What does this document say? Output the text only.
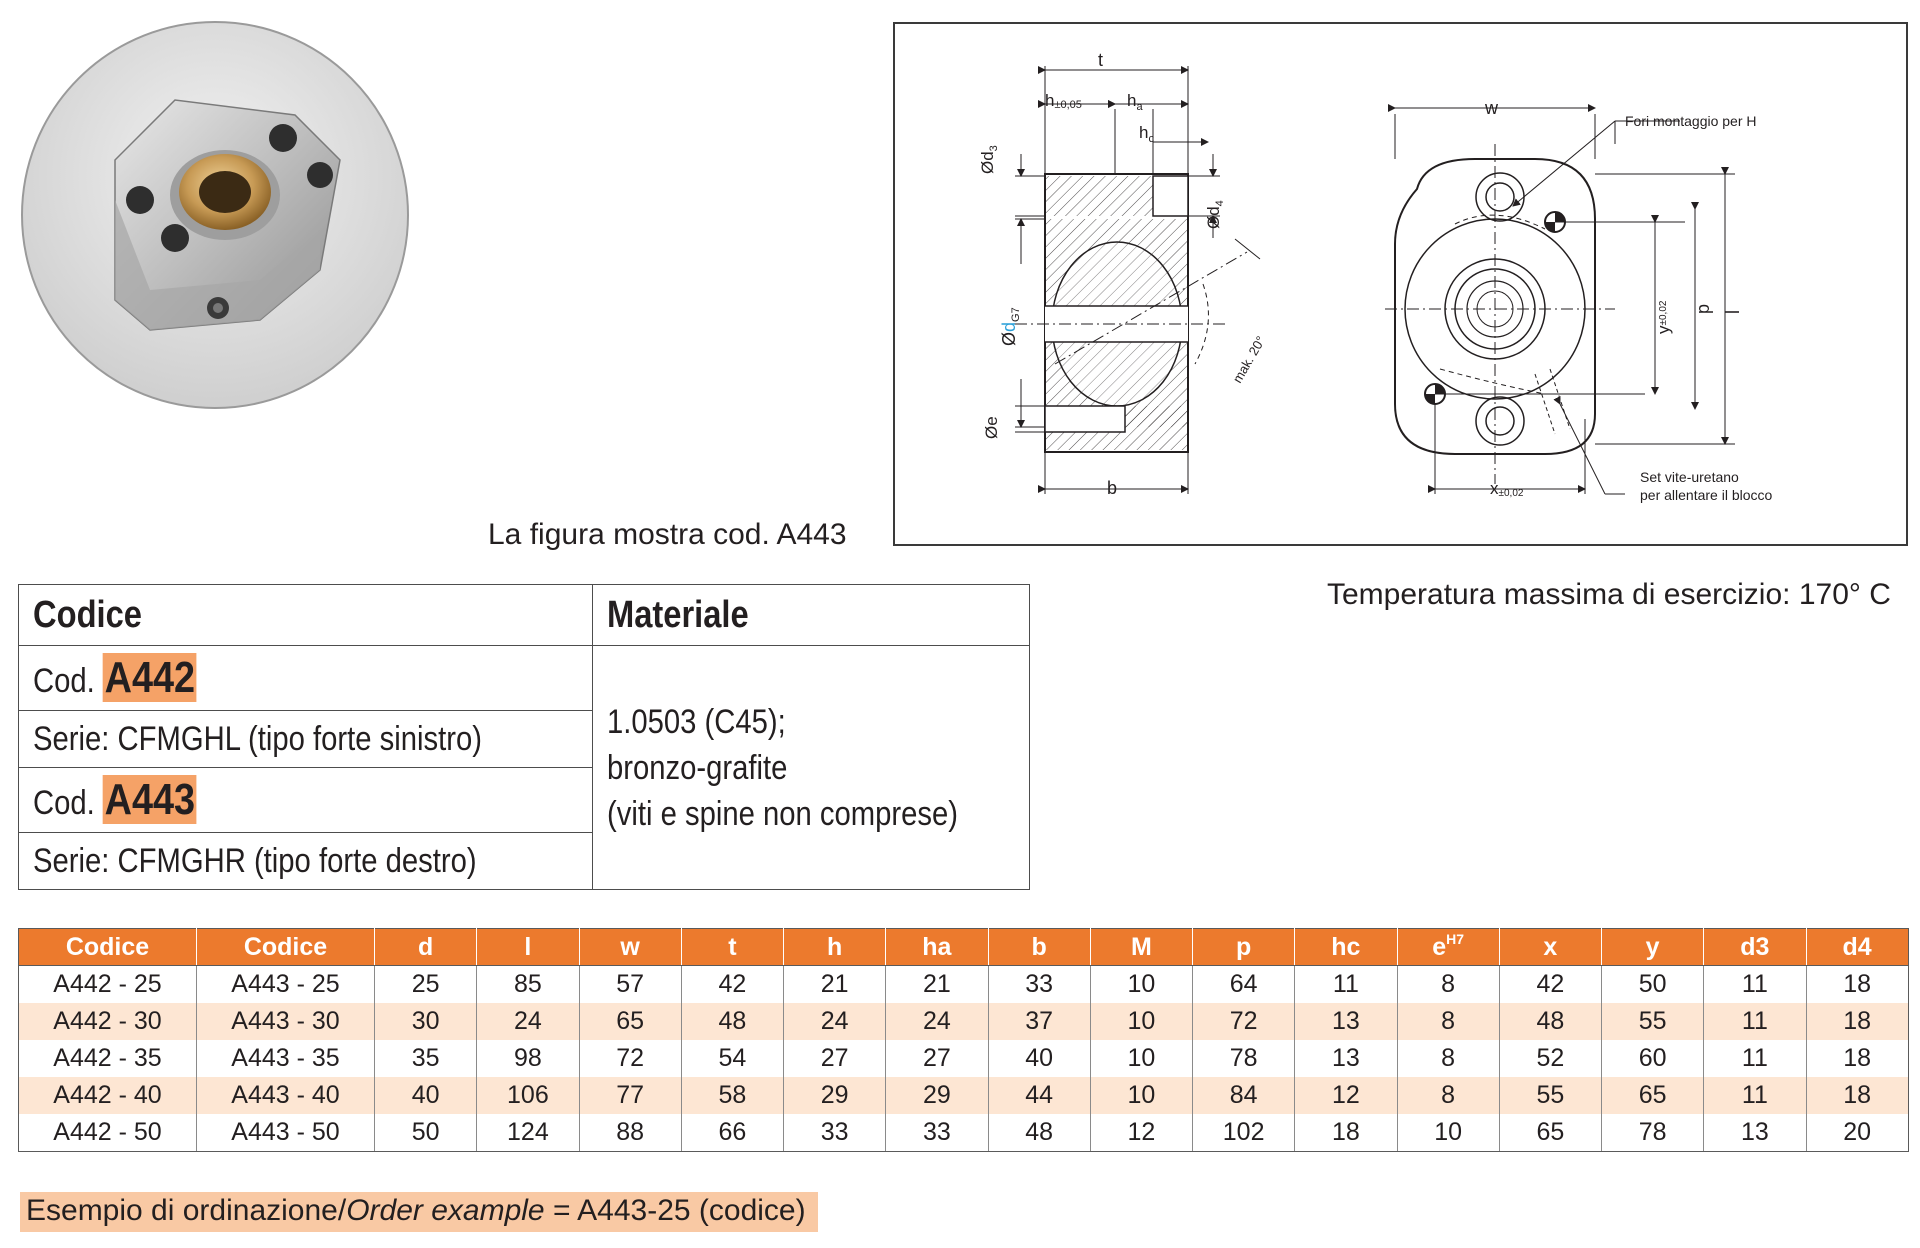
La figura mostra cod. A443
t
h±0,05	$h_a$
$h_c$
$Ød_3$
$Ød_4$
$Ød_{G7}$
Øe
b
mak. 20°
w
Fori montaggio per H
y±0,02 p l
x±0,02
Set vite-uretano
per allentare il blocco
Temperatura massima di esercizio: 170° C
Codice	Materiale
Cod. A442	1.0503 (C45);
bronzo-grafite
(viti e spine non comprese)

Serie: CFMGHL (tipo forte sinistro)	
Cod. A443	
Serie: CFMGHR (tipo forte destro)	
Codice	Codice	d	l	w	t	h	ha	b	M	p	hc	$e^{H7}$	x	y	d3	d4
A442 - 25	A443 - 25	25	85	57	42	21	21	33	10	64	11	8	42	50	11	18
A442 - 30	A443 - 30	30	24	65	48	24	24	37	10	72	13	8	48	55	11	18
A442 - 35	A443 - 35	35	98	72	54	27	27	40	10	78	13	8	52	60	11	18
A442 - 40	A443 - 40	40	106	77	58	29	29	44	10	84	12	8	55	65	11	18
A442 - 50	A443 - 50	50	124	88	66	33	33	48	12	102	18	10	65	78	13	20
Esempio di ordinazione/Order example = A443-25 (codice)
